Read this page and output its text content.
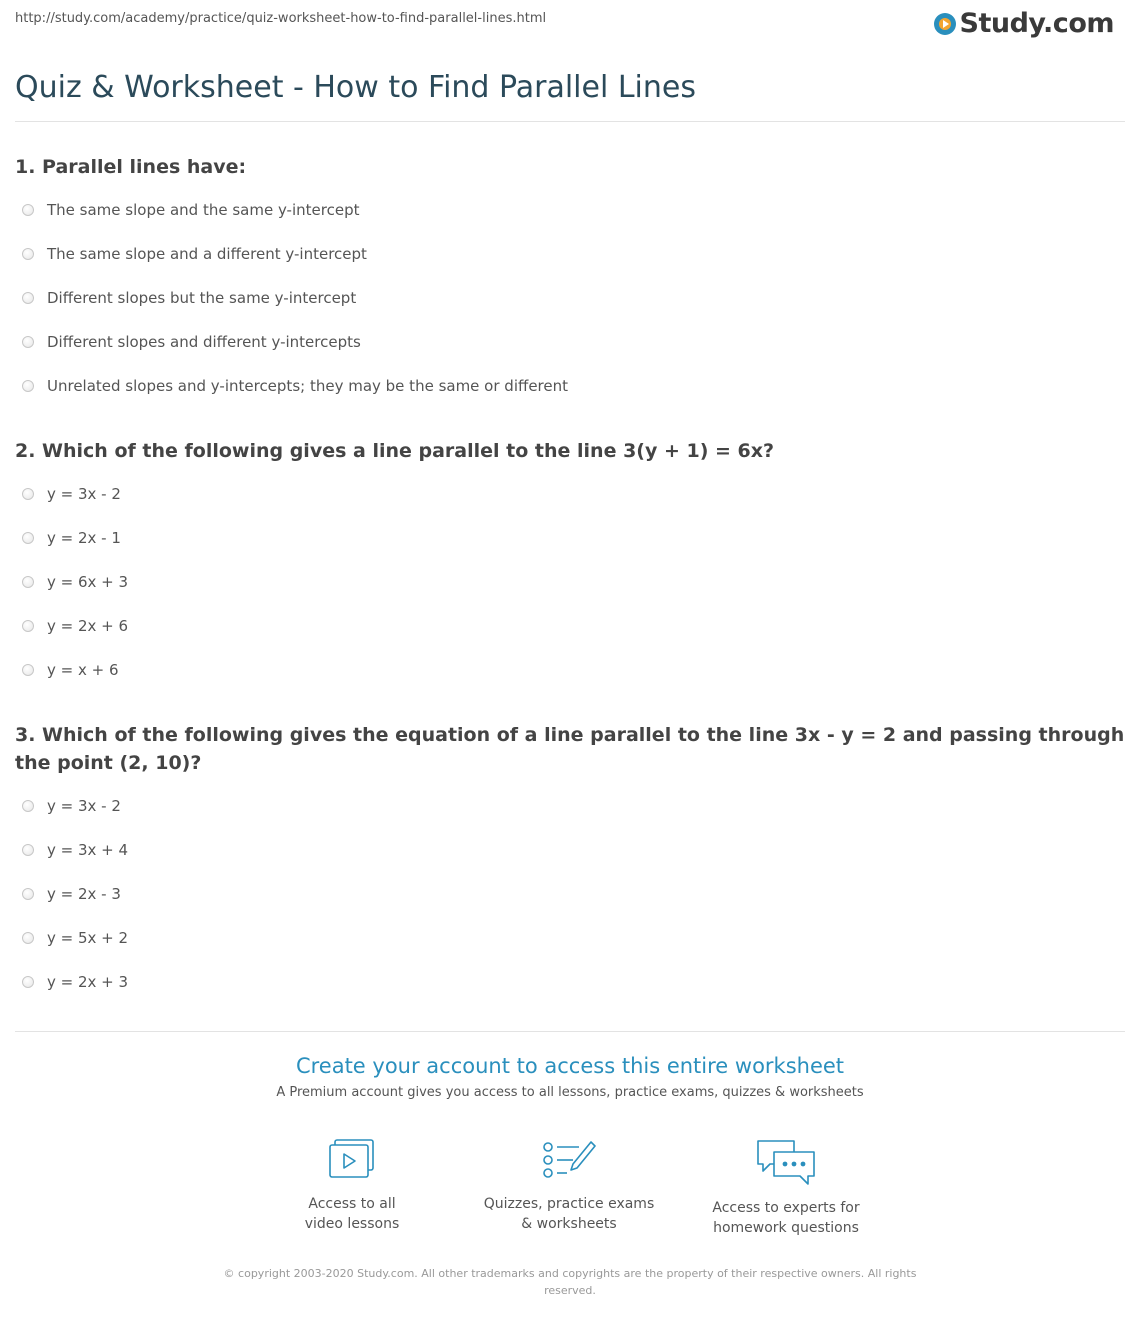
http://study.com/academy/practice/quiz-worksheet-how-to-find-parallel-lines.html	Study.com
Quiz & Worksheet - How to Find Parallel Lines
1. Parallel lines have:
The same slope and the same y-intercept
The same slope and a different y-intercept
Different slopes but the same y-intercept
Different slopes and different y-intercepts
Unrelated slopes and y-intercepts; they may be the same or different
2. Which of the following gives a line parallel to the line 3(y + 1) = 6x?
y = 3x - 2
y = 2x - 1
y = 6x + 3
y = 2x + 6
y = x + 6
3. Which of the following gives the equation of a line parallel to the line 3x - y = 2 and passing through the point (2, 10)?
y = 3x - 2
y = 3x + 4
y = 2x - 3
y = 5x + 2
y = 2x + 3
Create your account to access this entire worksheet
A Premium account gives you access to all lessons, practice exams, quizzes & worksheets
Access to all
video lessons
Quizzes, practice exams
& worksheets
Access to experts for
homework questions
© copyright 2003-2020 Study.com. All other trademarks and copyrights are the property of their respective owners. All rights reserved.
